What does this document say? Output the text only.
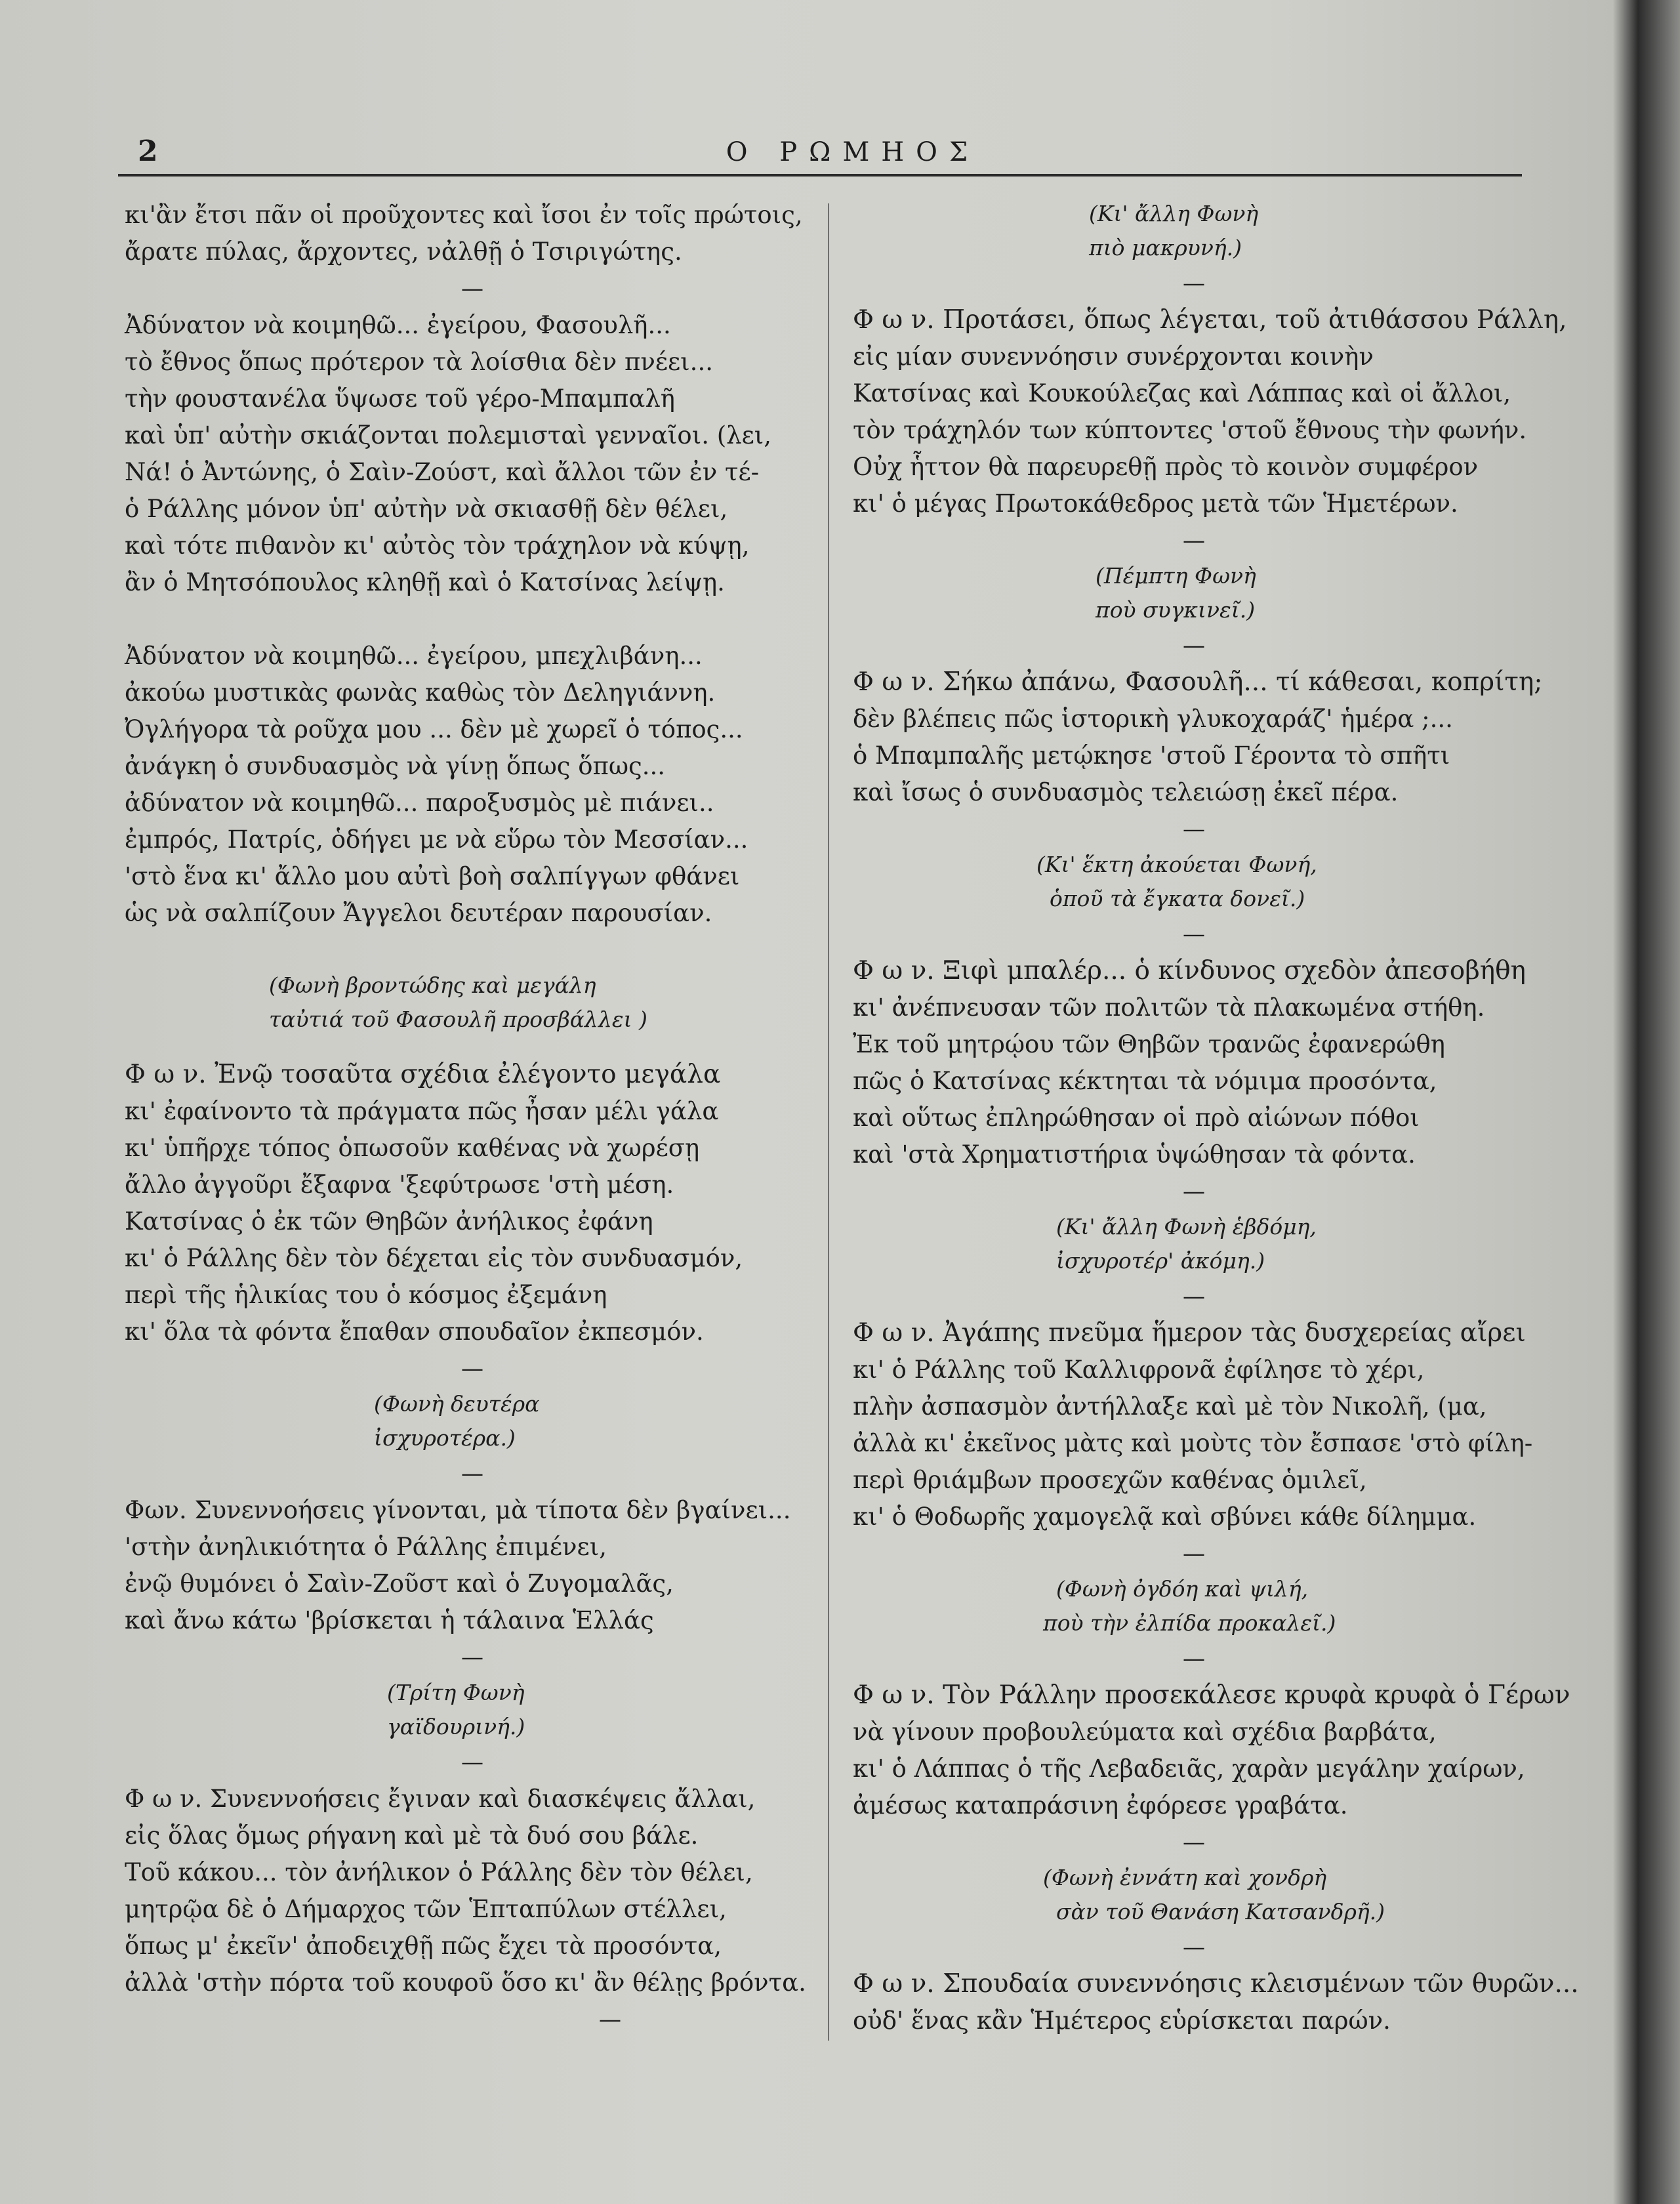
2	Ο ΡΩΜΗΟΣ
κι'ἂν ἔτσι πᾶν οἱ προῦχοντες καὶ ἴσοι ἐν τοῖς πρώτοις,
ἄρατε πύλας, ἄρχοντες, νἀλθῇ ὁ Τσιριγώτης.
—
Ἀδύνατον νὰ κοιμηθῶ... ἐγείρου, Φασουλῆ...
τὸ ἔθνος ὅπως πρότερον τὰ λοίσθια δὲν πνέει...
τὴν φουστανέλα ὕψωσε τοῦ γέρο-Μπαμπαλῆ
καὶ ὑπ' αὐτὴν σκιάζονται πολεμισταὶ γενναῖοι. (λει,
Νά! ὁ Ἀντώνης, ὁ Σαὶν-Ζούστ, καὶ ἄλλοι τῶν ἐν τέ-
ὁ Ράλλης μόνον ὑπ' αὐτὴν νὰ σκιασθῇ δὲν θέλει,
καὶ τότε πιθανὸν κι' αὐτὸς τὸν τράχηλον νὰ κύψῃ,
ἂν ὁ Μητσόπουλος κληθῇ καὶ ὁ Κατσίνας λείψῃ.
Ἀδύνατον νὰ κοιμηθῶ... ἐγείρου, μπεχλιβάνη...
ἀκούω μυστικὰς φωνὰς καθὼς τὸν Δεληγιάννη.
Ὀγλήγορα τὰ ροῦχα μου ... δὲν μὲ χωρεῖ ὁ τόπος...
ἀνάγκη ὁ συνδυασμὸς νὰ γίνῃ ὅπως ὅπως...
ἀδύνατον νὰ κοιμηθῶ... παροξυσμὸς μὲ πιάνει..
ἐμπρός, Πατρίς, ὁδήγει με νὰ εὕρω τὸν Μεσσίαν...
'στὸ ἕνα κι' ἄλλο μου αὐτὶ βοὴ σαλπίγγων φθάνει
ὡς νὰ σαλπίζουν Ἄγγελοι δευτέραν παρουσίαν.
(Φωνὴ βροντώδης καὶ μεγάλη
ταὐτιά τοῦ Φασουλῆ προσβάλλει )
Φ ω ν. Ἐνῷ τοσαῦτα σχέδια ἐλέγοντο μεγάλα
κι' ἐφαίνοντο τὰ πράγματα πῶς ἦσαν μέλι γάλα
κι' ὑπῆρχε τόπος ὁπωσοῦν καθένας νὰ χωρέσῃ
ἄλλο ἀγγοῦρι ἔξαφνα 'ξεφύτρωσε 'στὴ μέση.
Κατσίνας ὁ ἐκ τῶν Θηβῶν ἀνήλικος ἐφάνη
κι' ὁ Ράλλης δὲν τὸν δέχεται εἰς τὸν συνδυασμόν,
περὶ τῆς ἡλικίας του ὁ κόσμος ἐξεμάνη
κι' ὅλα τὰ φόντα ἔπαθαν σπουδαῖον ἐκπεσμόν.
—
(Φωνὴ δευτέρα
ἰσχυροτέρα.)
—
Φων. Συνεννοήσεις γίνονται, μὰ τίποτα δὲν βγαίνει...
'στὴν ἀνηλικιότητα ὁ Ράλλης ἐπιμένει,
ἐνῷ θυμόνει ὁ Σαὶν-Ζοῦστ καὶ ὁ Ζυγομαλᾶς,
καὶ ἄνω κάτω 'βρίσκεται ἡ τάλαινα Ἑλλάς
—
(Τρίτη Φωνὴ
γαϊδουρινή.)
—
Φ ω ν. Συνεννοήσεις ἔγιναν καὶ διασκέψεις ἄλλαι,
εἰς ὅλας ὅμως ρήγανη καὶ μὲ τὰ δυό σου βάλε.
Τοῦ κάκου... τὸν ἀνήλικον ὁ Ράλλης δὲν τὸν θέλει,
μητρῷα δὲ ὁ Δήμαρχος τῶν Ἑπταπύλων στέλλει,
ὅπως μ' ἐκεῖν' ἀποδειχθῇ πῶς ἔχει τὰ προσόντα,
ἀλλὰ 'στὴν πόρτα τοῦ κουφοῦ ὅσο κι' ἂν θέλῃς βρόντα.
—
(Κι' ἄλλη Φωνὴ
πιὸ μακρυνή.)
—
Φ ω ν. Προτάσει, ὅπως λέγεται, τοῦ ἀτιθάσσου Ράλλη,
εἰς μίαν συνεννόησιν συνέρχονται κοινὴν
Κατσίνας καὶ Κουκούλεζας καὶ Λάππας καὶ οἱ ἄλλοι,
τὸν τράχηλόν των κύπτοντες 'στοῦ ἔθνους τὴν φωνήν.
Οὐχ ἧττον θὰ παρευρεθῇ πρὸς τὸ κοινὸν συμφέρον
κι' ὁ μέγας Πρωτοκάθεδρος μετὰ τῶν Ἡμετέρων.
—
(Πέμπτη Φωνὴ
ποὺ συγκινεῖ.)
—
Φ ω ν. Σήκω ἀπάνω, Φασουλῆ... τί κάθεσαι, κοπρίτη;
δὲν βλέπεις πῶς ἱστορικὴ γλυκοχαράζ' ἡμέρα ;...
ὁ Μπαμπαλῆς μετῴκησε 'στοῦ Γέροντα τὸ σπῆτι
καὶ ἴσως ὁ συνδυασμὸς τελειώσῃ ἐκεῖ πέρα.
—
(Κι' ἕκτη ἀκούεται Φωνή,
ὁποῦ τὰ ἔγκατα δονεῖ.)
—
Φ ω ν. Ξιφὶ μπαλέρ... ὁ κίνδυνος σχεδὸν ἀπεσοβήθη
κι' ἀνέπνευσαν τῶν πολιτῶν τὰ πλακωμένα στήθη.
Ἐκ τοῦ μητρῴου τῶν Θηβῶν τρανῶς ἐφανερώθη
πῶς ὁ Κατσίνας κέκτηται τὰ νόμιμα προσόντα,
καὶ οὕτως ἐπληρώθησαν οἱ πρὸ αἰώνων πόθοι
καὶ 'στὰ Χρηματιστήρια ὑψώθησαν τὰ φόντα.
—
(Κι' ἄλλη Φωνὴ ἑβδόμη,
ἰσχυροτέρ' ἀκόμη.)
—
Φ ω ν. Ἀγάπης πνεῦμα ἥμερον τὰς δυσχερείας αἴρει
κι' ὁ Ράλλης τοῦ Καλλιφρονᾶ ἐφίλησε τὸ χέρι,
πλὴν ἀσπασμὸν ἀντήλλαξε καὶ μὲ τὸν Νικολῆ, (μα,
ἀλλὰ κι' ἐκεῖνος μὰτς καὶ μοὺτς τὸν ἔσπασε 'στὸ φίλη-
περὶ θριάμβων προσεχῶν καθένας ὁμιλεῖ,
κι' ὁ Θοδωρῆς χαμογελᾷ καὶ σβύνει κάθε δίλημμα.
—
(Φωνὴ ὀγδόη καὶ ψιλή,
ποὺ τὴν ἐλπίδα προκαλεῖ.)
—
Φ ω ν. Τὸν Ράλλην προσεκάλεσε κρυφὰ κρυφὰ ὁ Γέρων
νὰ γίνουν προβουλεύματα καὶ σχέδια βαρβάτα,
κι' ὁ Λάππας ὁ τῆς Λεβαδειᾶς, χαρὰν μεγάλην χαίρων,
ἀμέσως καταπράσινη ἐφόρεσε γραβάτα.
—
(Φωνὴ ἐννάτη καὶ χονδρὴ
σὰν τοῦ Θανάση Κατσανδρῆ.)
—
Φ ω ν. Σπουδαία συνεννόησις κλεισμένων τῶν θυρῶν...
οὐδ' ἕνας κἂν Ἡμέτερος εὑρίσκεται παρών.
